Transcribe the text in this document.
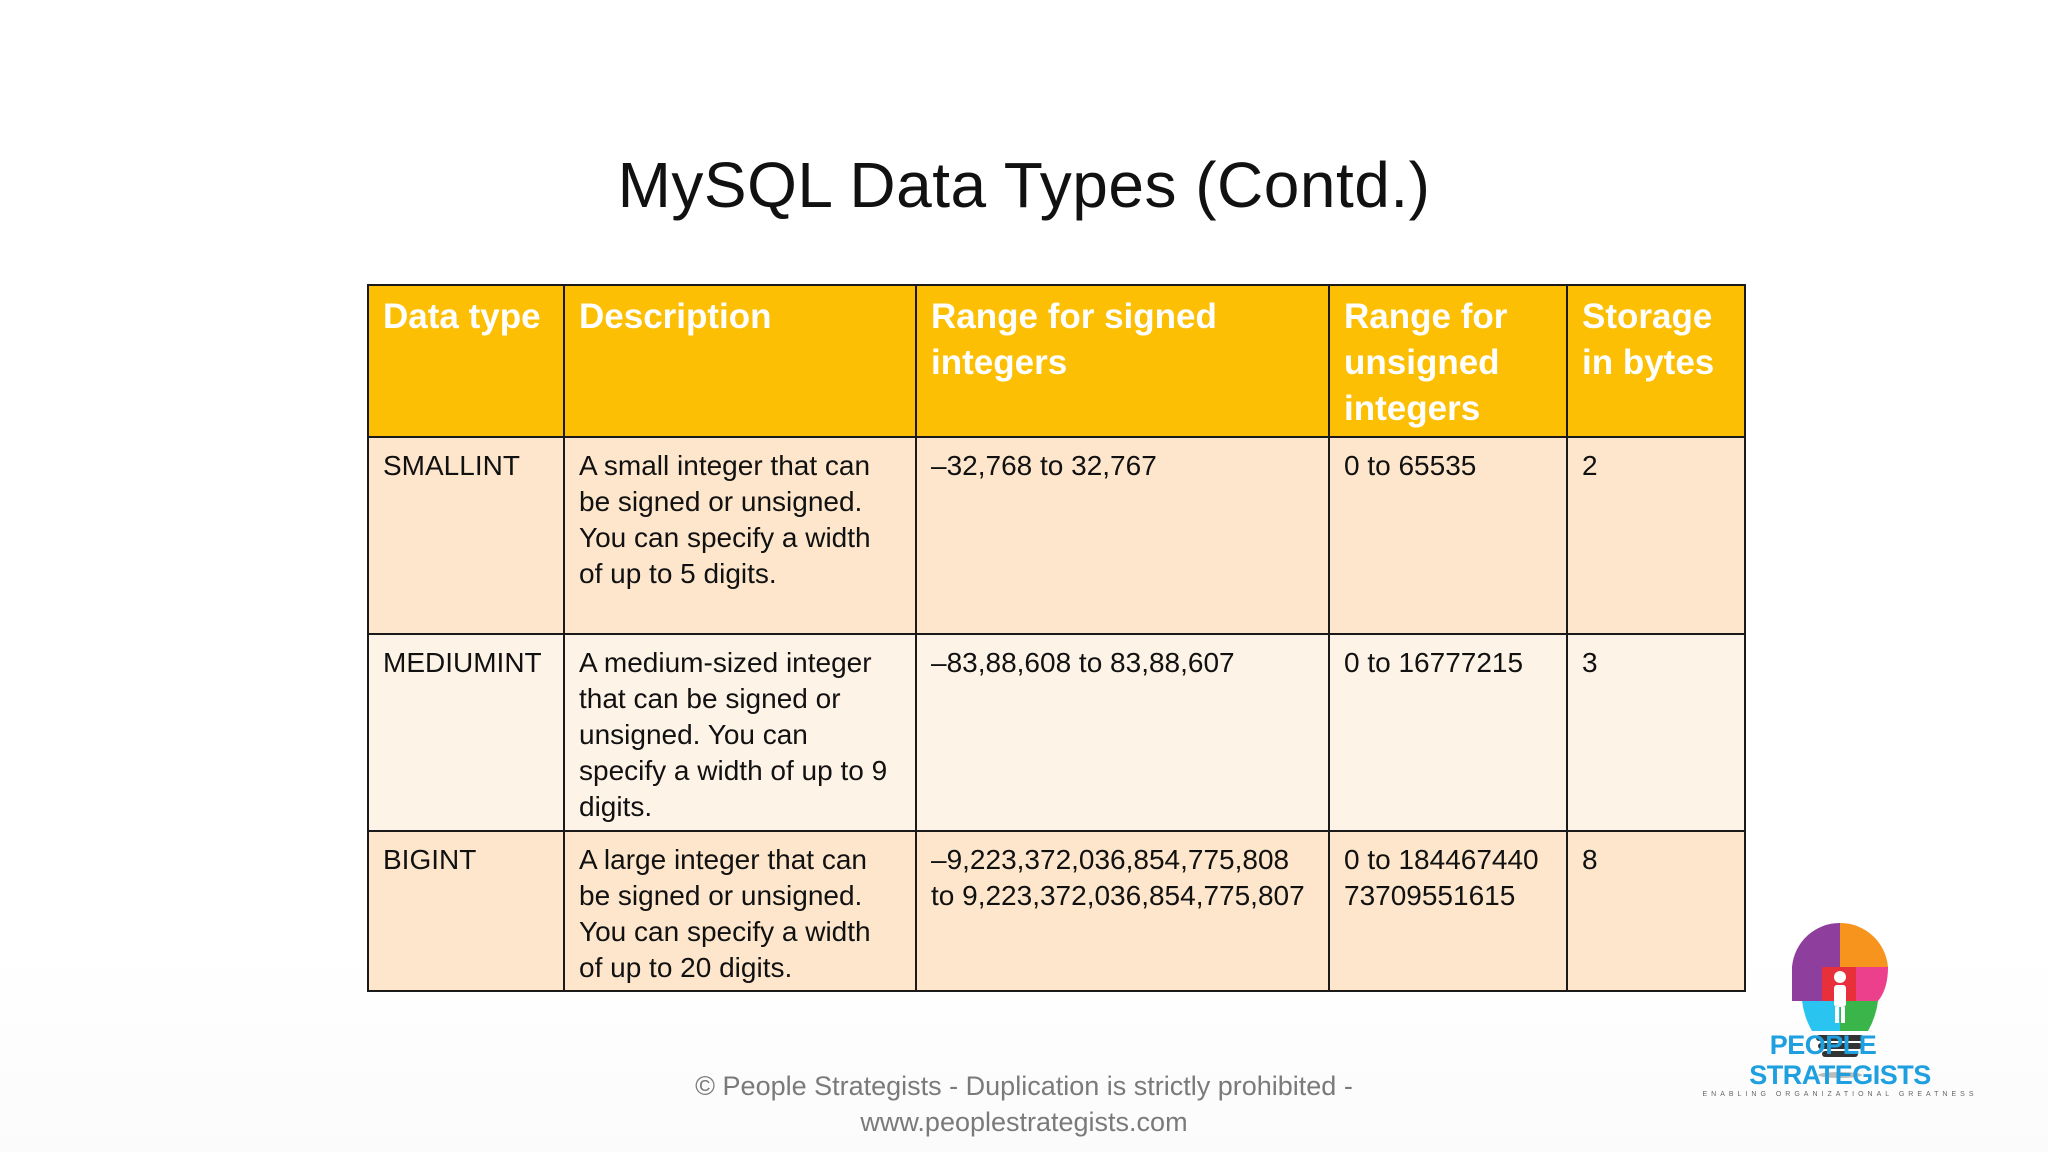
MySQL Data Types (Contd.)
Data type	Description	Range for signed integers	Range for unsigned integers	Storage in bytes
SMALLINT	A small integer that can be signed or unsigned. You can specify a width of up to 5 digits.	–32,768 to 32,767	0 to 65535	2
MEDIUMINT	A medium-sized integer that can be signed or unsigned. You can specify a width of up to 9 digits.	–83,88,608 to 83,88,607	0 to 16777215	3
BIGINT	A large integer that can be signed or unsigned. You can specify a width of up to 20 digits.	–9,223,372,036,854,775,808 to 9,223,372,036,854,775,807	0 to 18446744073709551615	8
PEOPLESTRATEGISTS
ENABLING ORGANIZATIONAL GREATNESS
© People Strategists - Duplication is strictly prohibited -
www.peoplestrategists.com
